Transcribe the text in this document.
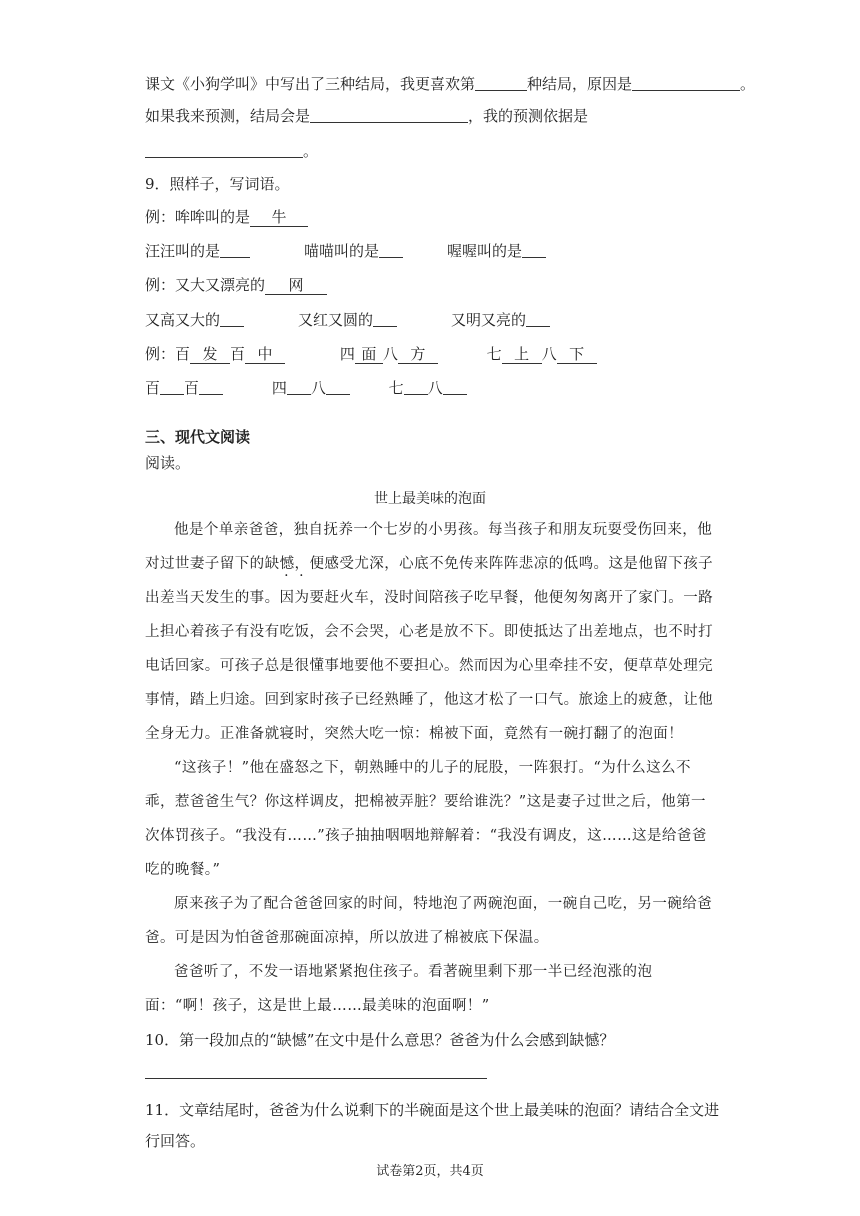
课文《小狗学叫》中写出了三种结局，我更喜欢第	种结局，原因是	。
如果我来预测，结局会是	，我的预测依据是
。
9．照样子，写词语。
例：哞哞叫的是 牛
汪汪叫的是	喵喵叫的是	喔喔叫的是
例：又大又漂亮的 网
又高又大的	又红又圆的	又明又亮的
例：百 发 百 中	四 面 八 方	七 上 八 下
百 百	四 八	七 八
三、现代文阅读
阅读。
世上最美味的泡面
他是个单亲爸爸，独自抚养一个七岁的小男孩。每当孩子和朋友玩耍受伤回来，他对过世妻子留下的缺憾，便感受尤深，心底不免传来阵阵悲凉的低鸣。这是他留下孩子出差当天发生的事。因为要赶火车，没时间陪孩子吃早餐，他便匆匆离开了家门。一路上担心着孩子有没有吃饭，会不会哭，心老是放不下。即使抵达了出差地点，也不时打电话回家。可孩子总是很懂事地要他不要担心。然而因为心里牵挂不安，便草草处理完事情，踏上归途。回到家时孩子已经熟睡了，他这才松了一口气。旅途上的疲惫，让他全身无力。正准备就寝时，突然大吃一惊：棉被下面，竟然有一碗打翻了的泡面！
“这孩子！”他在盛怒之下，朝熟睡中的儿子的屁股，一阵狠打。“为什么这么不乖，惹爸爸生气？你这样调皮，把棉被弄脏？要给谁洗？”这是妻子过世之后，他第一次体罚孩子。“我没有……”孩子抽抽咽咽地辩解着：“我没有调皮，这……这是给爸爸吃的晚餐。”
原来孩子为了配合爸爸回家的时间，特地泡了两碗泡面，一碗自己吃，另一碗给爸爸。可是因为怕爸爸那碗面凉掉，所以放进了棉被底下保温。
爸爸听了，不发一语地紧紧抱住孩子。看著碗里剩下那一半已经泡涨的泡面：“啊！孩子，这是世上最……最美味的泡面啊！”
10．第一段加点的“缺憾”在文中是什么意思？爸爸为什么会感到缺憾？
11．文章结尾时，爸爸为什么说剩下的半碗面是这个世上最美味的泡面？请结合全文进
行回答。
试卷第2页，共4页
